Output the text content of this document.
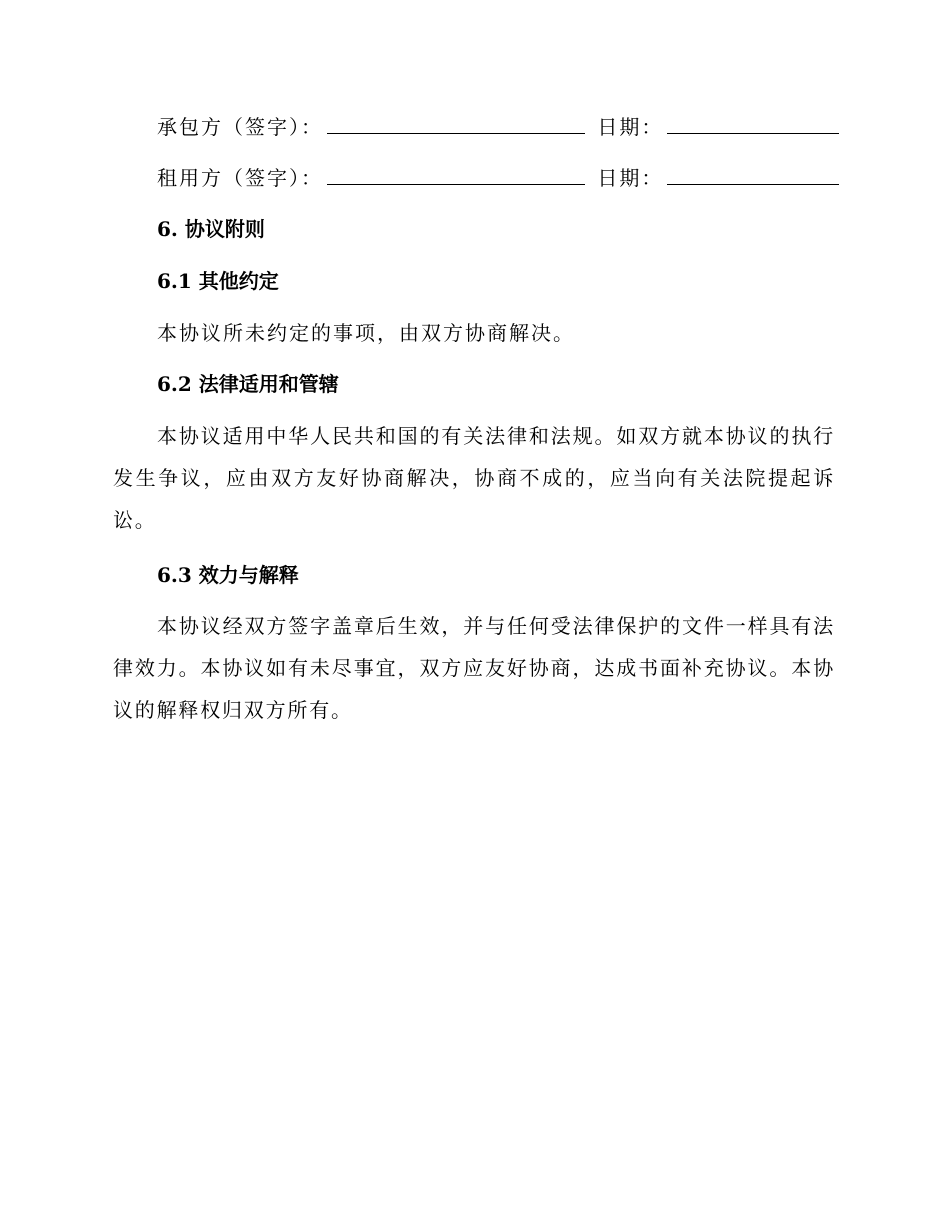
承包方（签字）：	日期：
租用方（签字）：	日期：
6. 协议附则
6.1 其他约定
本协议所未约定的事项，由双方协商解决。
6.2 法律适用和管辖
本协议适用中华人民共和国的有关法律和法规。如双方就本协议的执行发生争议，应由双方友好协商解决，协商不成的，应当向有关法院提起诉讼。
6.3 效力与解释
本协议经双方签字盖章后生效，并与任何受法律保护的文件一样具有法律效力。本协议如有未尽事宜，双方应友好协商，达成书面补充协议。本协议的解释权归双方所有。
